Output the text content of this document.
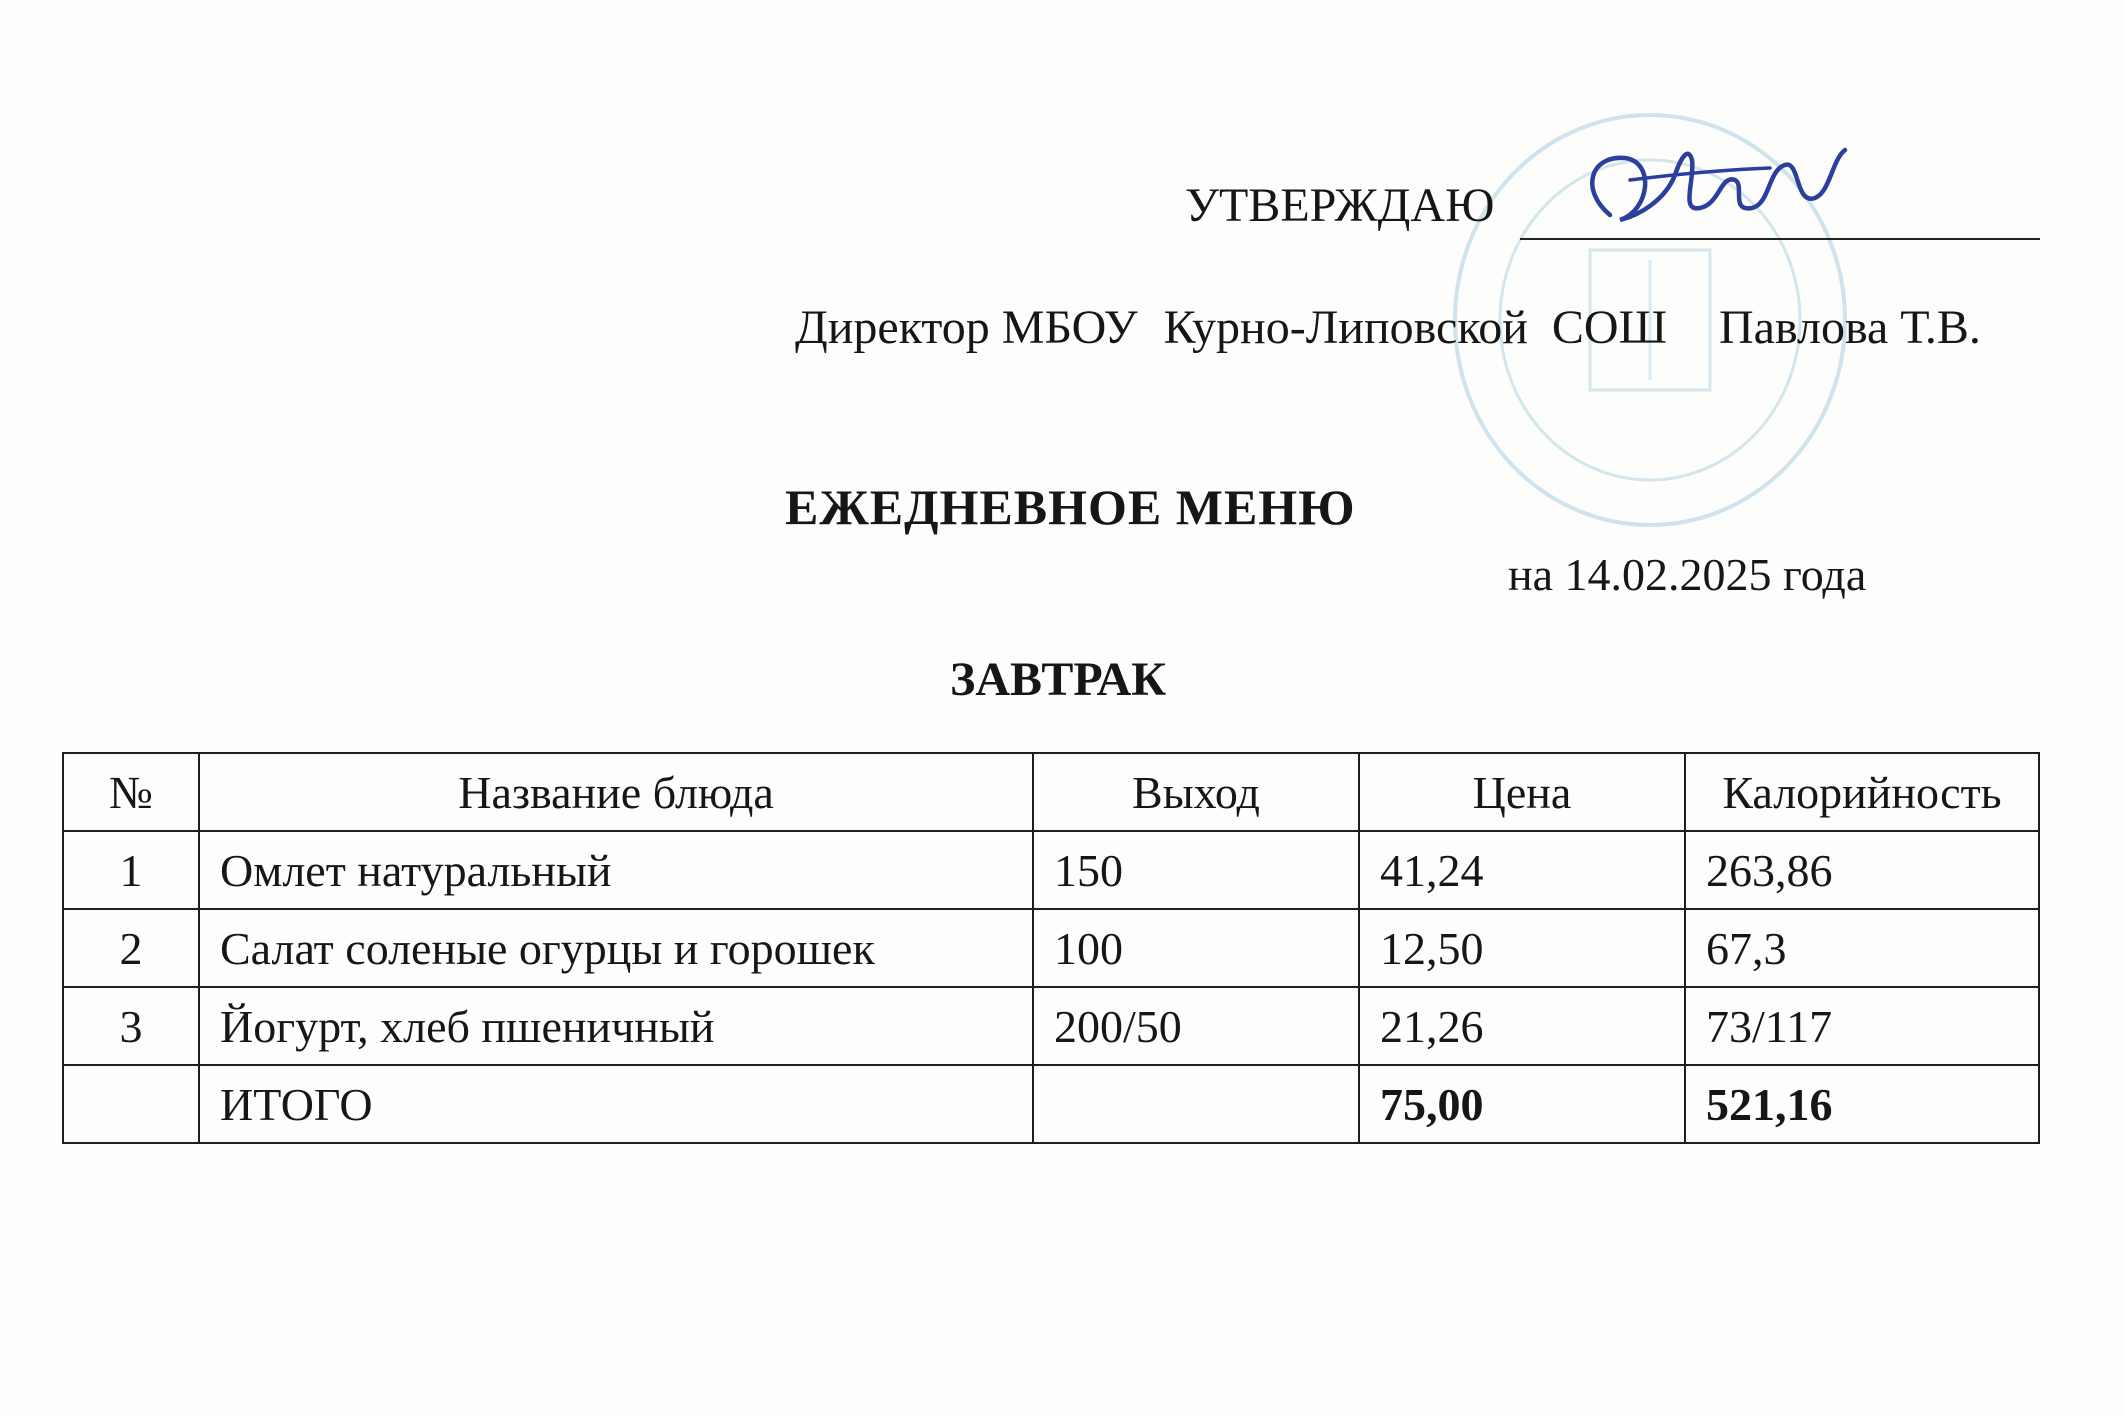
УТВЕРЖДАЮ
Директор МБОУ Курно-Липовской СОШ Павлова Т.В.
ЕЖЕДНЕВНОЕ МЕНЮ
на 14.02.2025 года
ЗАВТРАК
№	Название блюда	Выход	Цена	Калорийность
1	Омлет натуральный	150	41,24	263,86
2	Салат соленые огурцы и горошек	100	12,50	67,3
3	Йогурт, хлеб пшеничный	200/50	21,26	73/117
	ИТОГО		75,00	521,16
